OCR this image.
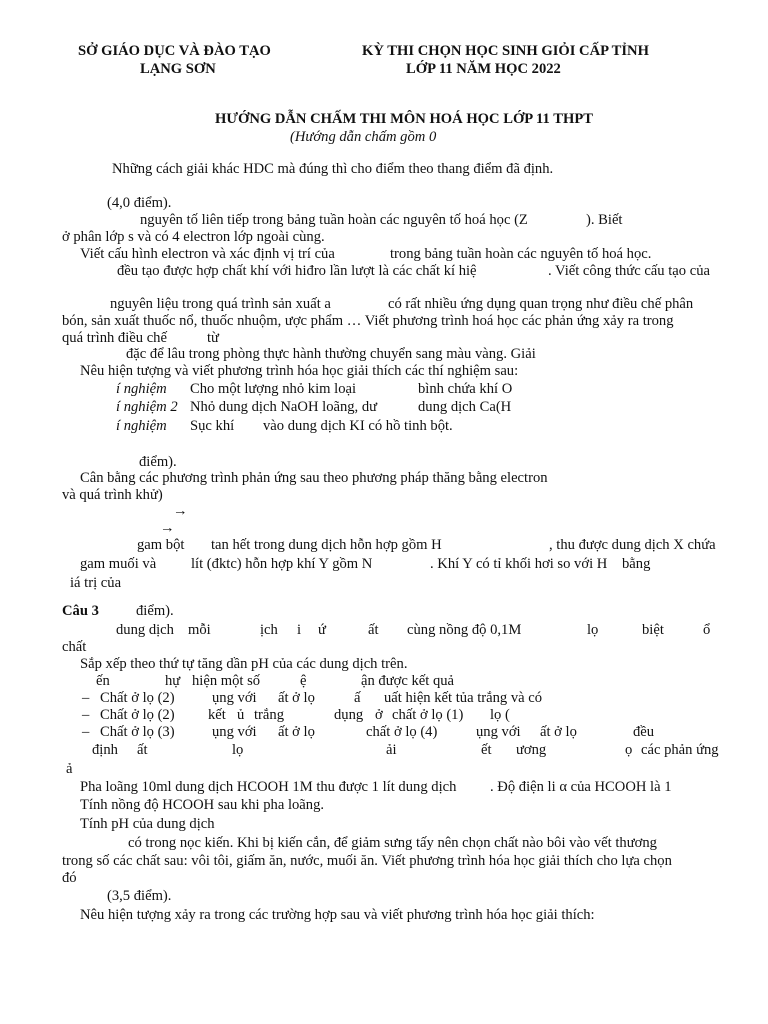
SỞ GIÁO DỤC VÀ ĐÀO TẠO
LẠNG SƠN
KỲ THI CHỌN HỌC SINH GIỎI CẤP TỈNH
LỚP 11 NĂM HỌC 2022
HƯỚNG DẪN CHẤM THI MÔN HOÁ HỌC LỚP 11 THPT
(Hướng dẫn chấm gồm 0
Những cách giải khác HDC mà đúng thì cho điểm theo thang điểm đã định.
(4,0 điểm).
nguyên tố liên tiếp trong bảng tuần hoàn các nguyên tố hoá học (Z	). Biết
ở phân lớp s và có 4 electron lớp ngoài cùng.
Viết cấu hình electron và xác định vị trí của	trong bảng tuần hoàn các nguyên tố hoá học.
đều tạo được hợp chất khí với hiđro lần lượt là các chất kí hiệ	. Viết công thức cấu tạo của
nguyên liệu trong quá trình sản xuất a	có rất nhiều ứng dụng quan trọng như điều chế phân
bón, sản xuất thuốc nổ, thuốc nhuộm, ược phẩm … Viết phương trình hoá học các phản ứng xảy ra trong
quá trình điều chế	từ
đặc để lâu trong phòng thực hành thường chuyển sang màu vàng. Giải
Nêu hiện tượng và viết phương trình hóa học giải thích các thí nghiệm sau:
í nghiệm Cho một lượng nhỏ kim loại	bình chứa khí O
í nghiệm 2 Nhỏ dung dịch NaOH loãng, dư	dung dịch Ca(H
í nghiệm Sục khí vào dung dịch KI có hồ tinh bột.
điểm).
Cân bằng các phương trình phản ứng sau theo phương pháp thăng bằng electron
và quá trình khử)
→
→
gam bột tan hết trong dung dịch hỗn hợp gồm H	, thu được dung dịch X chứa
gam muối và lít (đktc) hỗn hợp khí Y gồm N	. Khí Y có tỉ khối hơi so với H bằng
iá trị của
Câu 3	điểm).
dung dịch mỗi	ịch i ứ	ất cùng nồng độ 0,1M	lọ	biệt	ổ
chất
Sắp xếp theo thứ tự tăng dần pH của các dung dịch trên.
ến	hự hiện một số	ệ	ận được kết quả
– Chất ở lọ (2)	ụng với ất ở lọ	ấ uất hiện kết tủa trắng và có
– Chất ở lọ (2) kết ủ trắng	dụng ở chất ở lọ (1) lọ (
– Chất ở lọ (3)	ụng với ất ở lọ	chất ở lọ (4)	ụng với ất ở lọ	đều
định ất	lọ	ải	ết ương	ọ các phản ứng
ả
Pha loãng 10ml dung dịch HCOOH 1M thu được 1 lít dung dịch . Độ điện li α của HCOOH là 1
Tính nồng độ HCOOH sau khi pha loãng.
Tính pH của dung dịch
có trong nọc kiến. Khi bị kiến cắn, để giảm sưng tấy nên chọn chất nào bôi vào vết thương
trong số các chất sau: vôi tôi, giấm ăn, nước, muối ăn. Viết phương trình hóa học giải thích cho lựa chọn
đó
(3,5 điểm).
Nêu hiện tượng xảy ra trong các trường hợp sau và viết phương trình hóa học giải thích:
